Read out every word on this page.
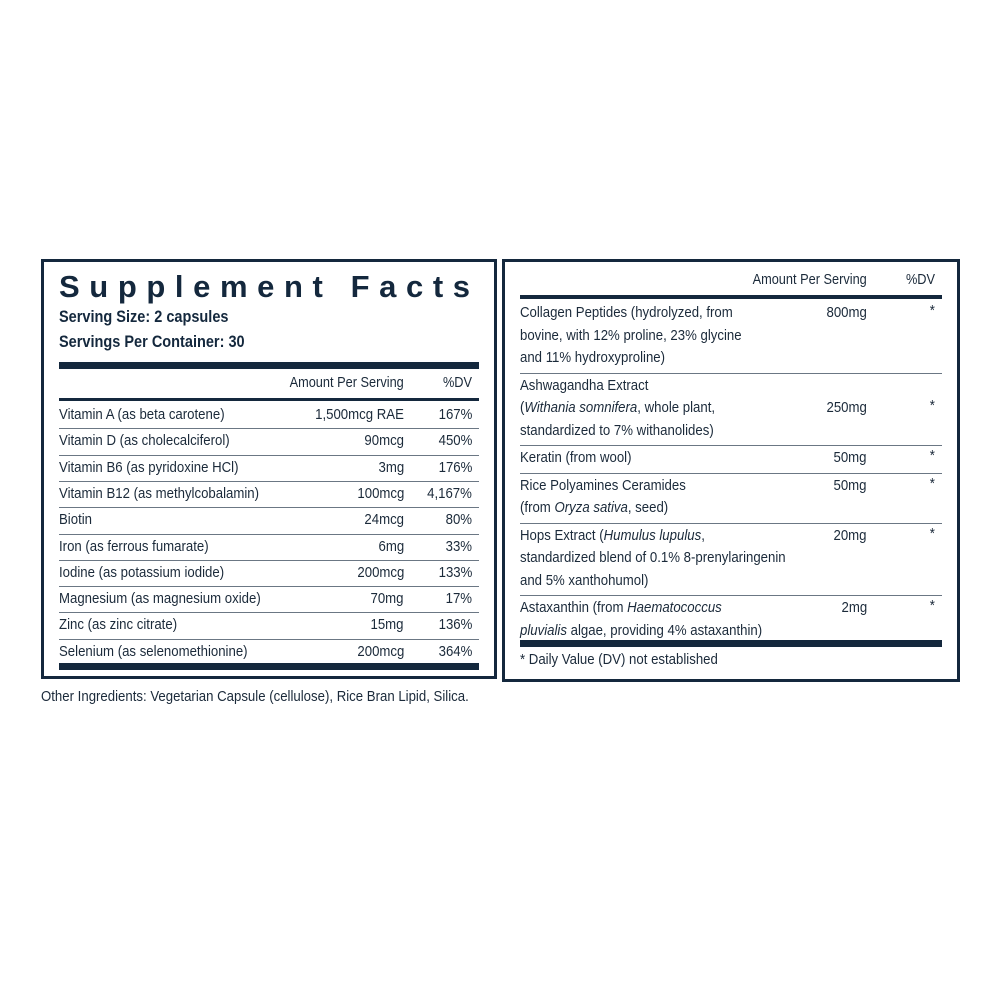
Supplement Facts
Serving Size: 2 capsules
Servings Per Container: 30
Amount Per Serving	%DV
Vitamin A (as beta carotene)	1,500mcg RAE 167%
Vitamin D (as cholecalciferol)	90mcg 450%
Vitamin B6 (as pyridoxine HCl)	3mg 176%
Vitamin B12 (as methylcobalamin)	100mcg 4,167%
Biotin	24mcg	80%
Iron (as ferrous fumarate)	6mg	33%
Iodine (as potassium iodide)	200mcg 133%
Magnesium (as magnesium oxide)	70mg	17%
Zinc (as zinc citrate)	15mg 136%
Selenium (as selenomethionine)	200mcg 364%
Amount Per Serving	%DV
Collagen Peptides (hydrolyzed, from
bovine, with 12% proline, 23% glycine
and 11% hydroxyproline)
800mg	*
Ashwagandha Extract
(Withania somnifera, whole plant,
standardized to 7% withanolides)
250mg	*
Keratin (from wool)	50mg	*
Rice Polyamines Ceramides
(from Oryza sativa, seed)
50mg	*
Hops Extract (Humulus lupulus,
standardized blend of 0.1% 8-prenylaringenin
and 5% xanthohumol)
20mg	*
Astaxanthin (from Haematococcus
pluvialis algae, providing 4% astaxanthin)
2mg	*
* Daily Value (DV) not established
Other Ingredients: Vegetarian Capsule (cellulose), Rice Bran Lipid, Silica.
